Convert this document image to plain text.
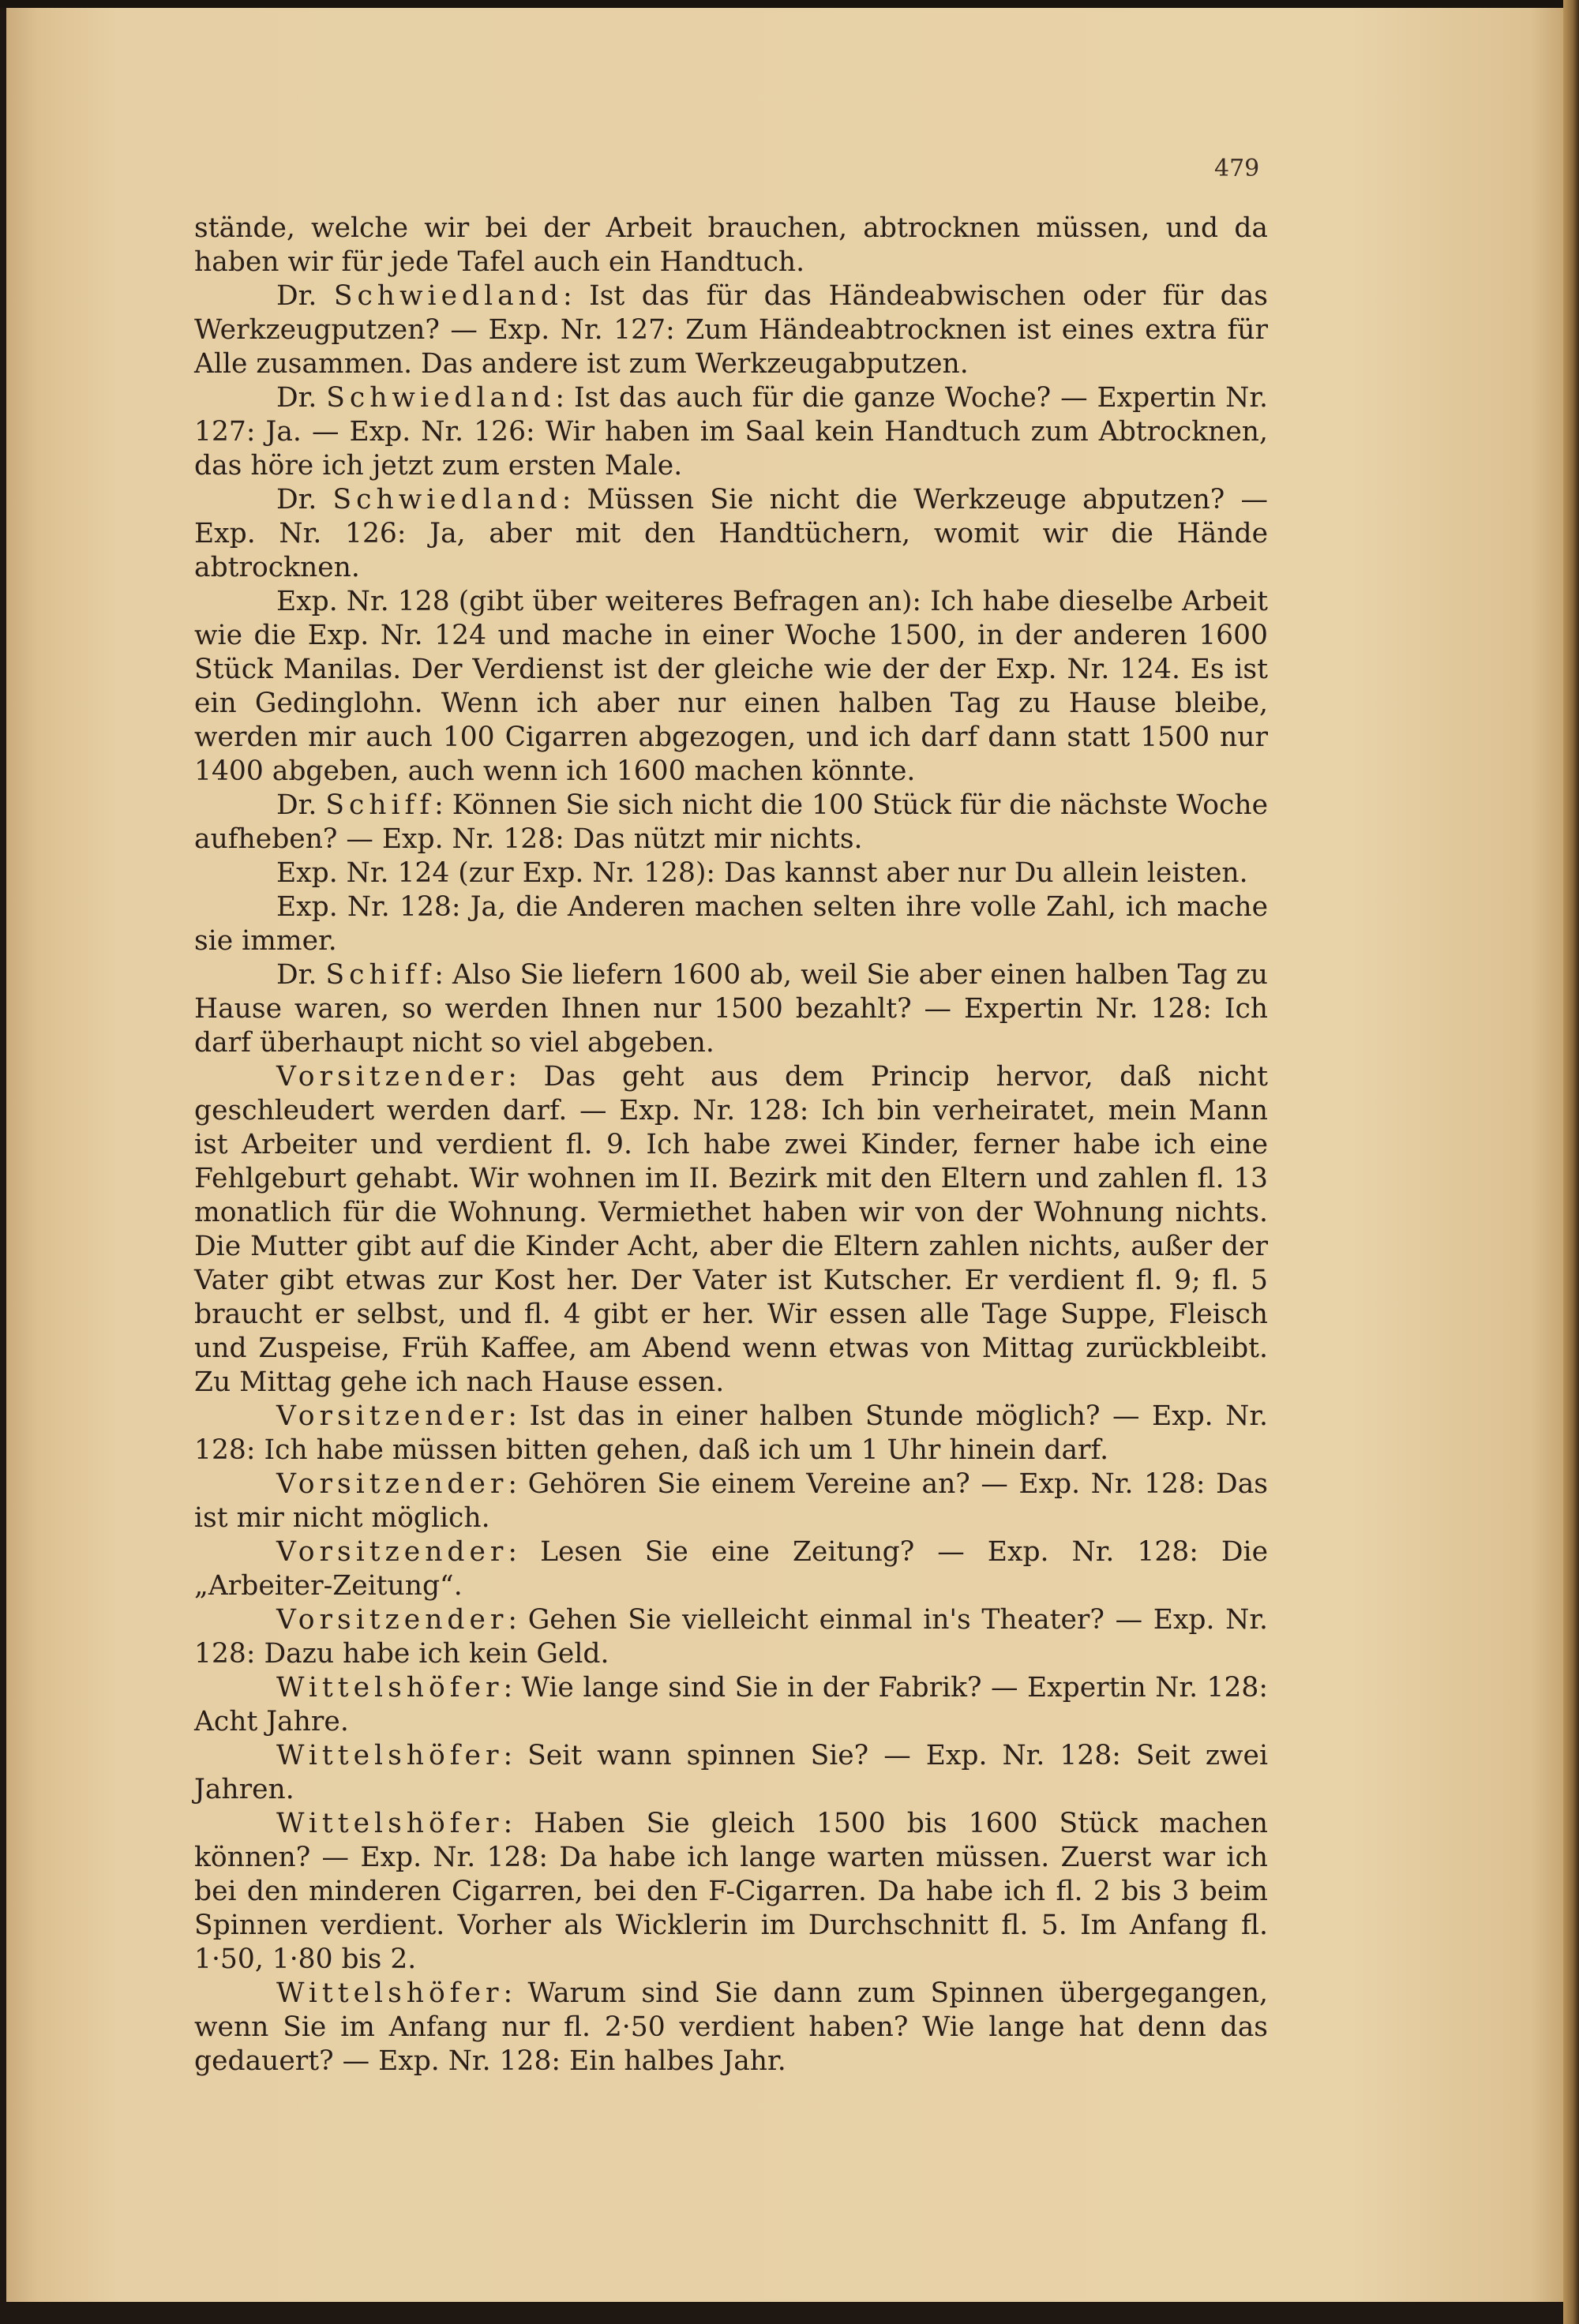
479

stände, welche wir bei der Arbeit brauchen, abtrocknen müssen, und da haben wir für jede Tafel auch ein Handtuch.

Dr. Schwiedland: Ist das für das Händeabwischen oder für das Werkzeugputzen? — Exp. Nr. 127: Zum Händeabtrocknen ist eines extra für Alle zusammen. Das andere ist zum Werkzeugabputzen.

Dr. Schwiedland: Ist das auch für die ganze Woche? — Expertin Nr. 127: Ja. — Exp. Nr. 126: Wir haben im Saal kein Handtuch zum Abtrocknen, das höre ich jetzt zum ersten Male.

Dr. Schwiedland: Müssen Sie nicht die Werkzeuge abputzen? — Exp. Nr. 126: Ja, aber mit den Handtüchern, womit wir die Hände abtrocknen.

Exp. Nr. 128 (gibt über weiteres Befragen an): Ich habe dieselbe Arbeit wie die Exp. Nr. 124 und mache in einer Woche 1500, in der anderen 1600 Stück Manilas. Der Verdienst ist der gleiche wie der der Exp. Nr. 124. Es ist ein Gedinglohn. Wenn ich aber nur einen halben Tag zu Hause bleibe, werden mir auch 100 Cigarren abgezogen, und ich darf dann statt 1500 nur 1400 abgeben, auch wenn ich 1600 machen könnte.

Dr. Schiff: Können Sie sich nicht die 100 Stück für die nächste Woche aufheben? — Exp. Nr. 128: Das nützt mir nichts.

Exp. Nr. 124 (zur Exp. Nr. 128): Das kannst aber nur Du allein leisten.

Exp. Nr. 128: Ja, die Anderen machen selten ihre volle Zahl, ich mache sie immer.

Dr. Schiff: Also Sie liefern 1600 ab, weil Sie aber einen halben Tag zu Hause waren, so werden Ihnen nur 1500 bezahlt? — Expertin Nr. 128: Ich darf überhaupt nicht so viel abgeben.

Vorsitzender: Das geht aus dem Princip hervor, daß nicht geschleudert werden darf. — Exp. Nr. 128: Ich bin verheiratet, mein Mann ist Arbeiter und verdient fl. 9. Ich habe zwei Kinder, ferner habe ich eine Fehlgeburt gehabt. Wir wohnen im II. Bezirk mit den Eltern und zahlen fl. 13 monatlich für die Wohnung. Vermiethet haben wir von der Wohnung nichts. Die Mutter gibt auf die Kinder Acht, aber die Eltern zahlen nichts, außer der Vater gibt etwas zur Kost her. Der Vater ist Kutscher. Er verdient fl. 9; fl. 5 braucht er selbst, und fl. 4 gibt er her. Wir essen alle Tage Suppe, Fleisch und Zuspeise, Früh Kaffee, am Abend wenn etwas von Mittag zurückbleibt. Zu Mittag gehe ich nach Hause essen.

Vorsitzender: Ist das in einer halben Stunde möglich? — Exp. Nr. 128: Ich habe müssen bitten gehen, daß ich um 1 Uhr hinein darf.

Vorsitzender: Gehören Sie einem Vereine an? — Exp. Nr. 128: Das ist mir nicht möglich.

Vorsitzender: Lesen Sie eine Zeitung? — Exp. Nr. 128: Die „Arbeiter-Zeitung“.

Vorsitzender: Gehen Sie vielleicht einmal in's Theater? — Exp. Nr. 128: Dazu habe ich kein Geld.

Wittelshöfer: Wie lange sind Sie in der Fabrik? — Expertin Nr. 128: Acht Jahre.

Wittelshöfer: Seit wann spinnen Sie? — Exp. Nr. 128: Seit zwei Jahren.

Wittelshöfer: Haben Sie gleich 1500 bis 1600 Stück machen können? — Exp. Nr. 128: Da habe ich lange warten müssen. Zuerst war ich bei den minderen Cigarren, bei den F-Cigarren. Da habe ich fl. 2 bis 3 beim Spinnen verdient. Vorher als Wicklerin im Durchschnitt fl. 5. Im Anfang fl. 1·50, 1·80 bis 2.

Wittelshöfer: Warum sind Sie dann zum Spinnen übergegangen, wenn Sie im Anfang nur fl. 2·50 verdient haben? Wie lange hat denn das gedauert? — Exp. Nr. 128: Ein halbes Jahr.
